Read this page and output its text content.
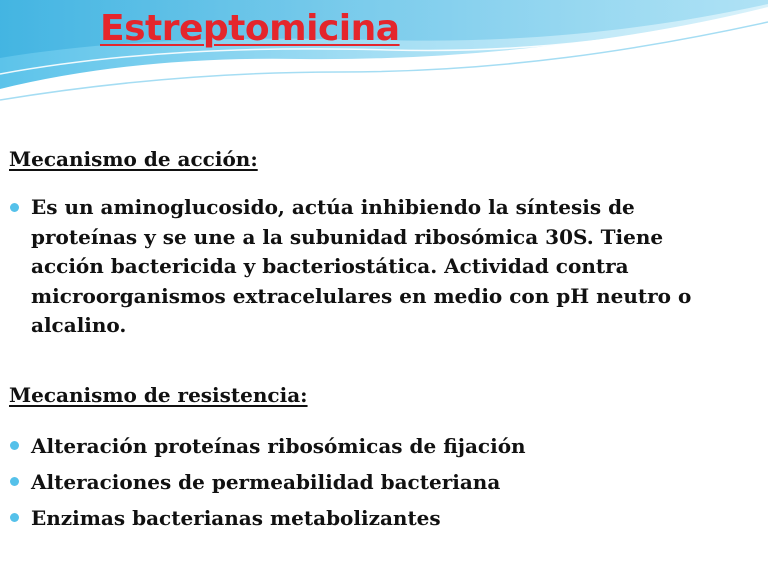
Estreptomicina
Mecanismo de acción:
Es un aminoglucosido, actúa inhibiendo la síntesis de proteínas y se une a la subunidad ribosómica 30S. Tiene acción bactericida y bacteriostática. Actividad contra microorganismos extracelulares en medio con pH neutro o alcalino.
Mecanismo de resistencia:
Alteración proteínas ribosómicas de fijación
Alteraciones de permeabilidad bacteriana
Enzimas bacterianas metabolizantes
